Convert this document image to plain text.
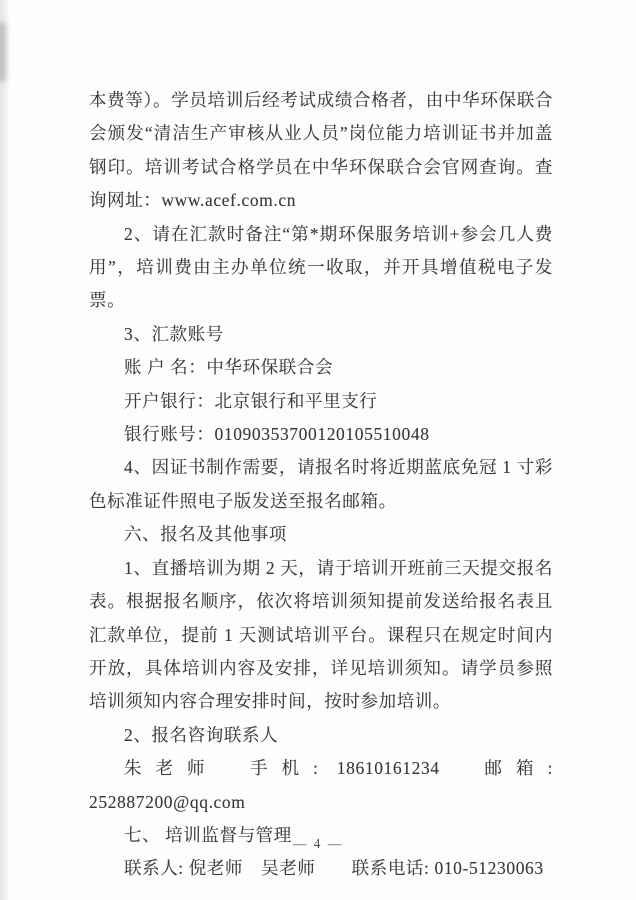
本费等）。学员培训后经考试成绩合格者，由中华环保联合会颁发“清洁生产审核从业人员”岗位能力培训证书并加盖钢印。培训考试合格学员在中华环保联合会官网查询。查询网址：www.acef.com.cn

2、请在汇款时备注“第*期环保服务培训+参会几人费用”，培训费由主办单位统一收取，并开具增值税电子发票。

3、汇款账号

账 户 名：中华环保联合会

开户银行：北京银行和平里支行

银行账号：01090353700120105510048

4、因证书制作需要，请报名时将近期蓝底免冠 1 寸彩色标准证件照电子版发送至报名邮箱。

六、报名及其他事项

1、直播培训为期 2 天，请于培训开班前三天提交报名表。根据报名顺序，依次将培训须知提前发送给报名表且汇款单位，提前 1 天测试培训平台。课程只在规定时间内开放，具体培训内容及安排，详见培训须知。请学员参照培训须知内容合理安排时间，按时参加培训。

2、报名咨询联系人

朱老师　手机: 18610161234　邮箱: 252887200@qq.com

七、 培训监督与管理

联系人: 倪老师　吴老师　　联系电话: 010-51230063

— 4 —
